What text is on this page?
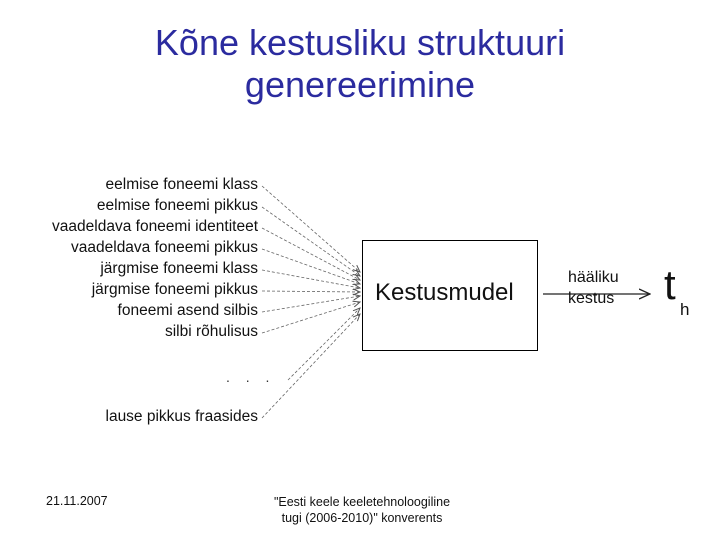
Kõne kestusliku struktuuri
genereerimine
eelmise foneemi klass
eelmise foneemi pikkus
vaadeldava foneemi identiteet
vaadeldava foneemi pikkus
järgmise foneemi klass
järgmise foneemi pikkus
foneemi asend silbis
silbi rõhulisus
. . .
lause pikkus fraasides
Kestusmudel
hääliku
kestus t
h
21.11.2007	"Eesti keele keeletehnoloogiline
tugi (2006-2010)" konverents
